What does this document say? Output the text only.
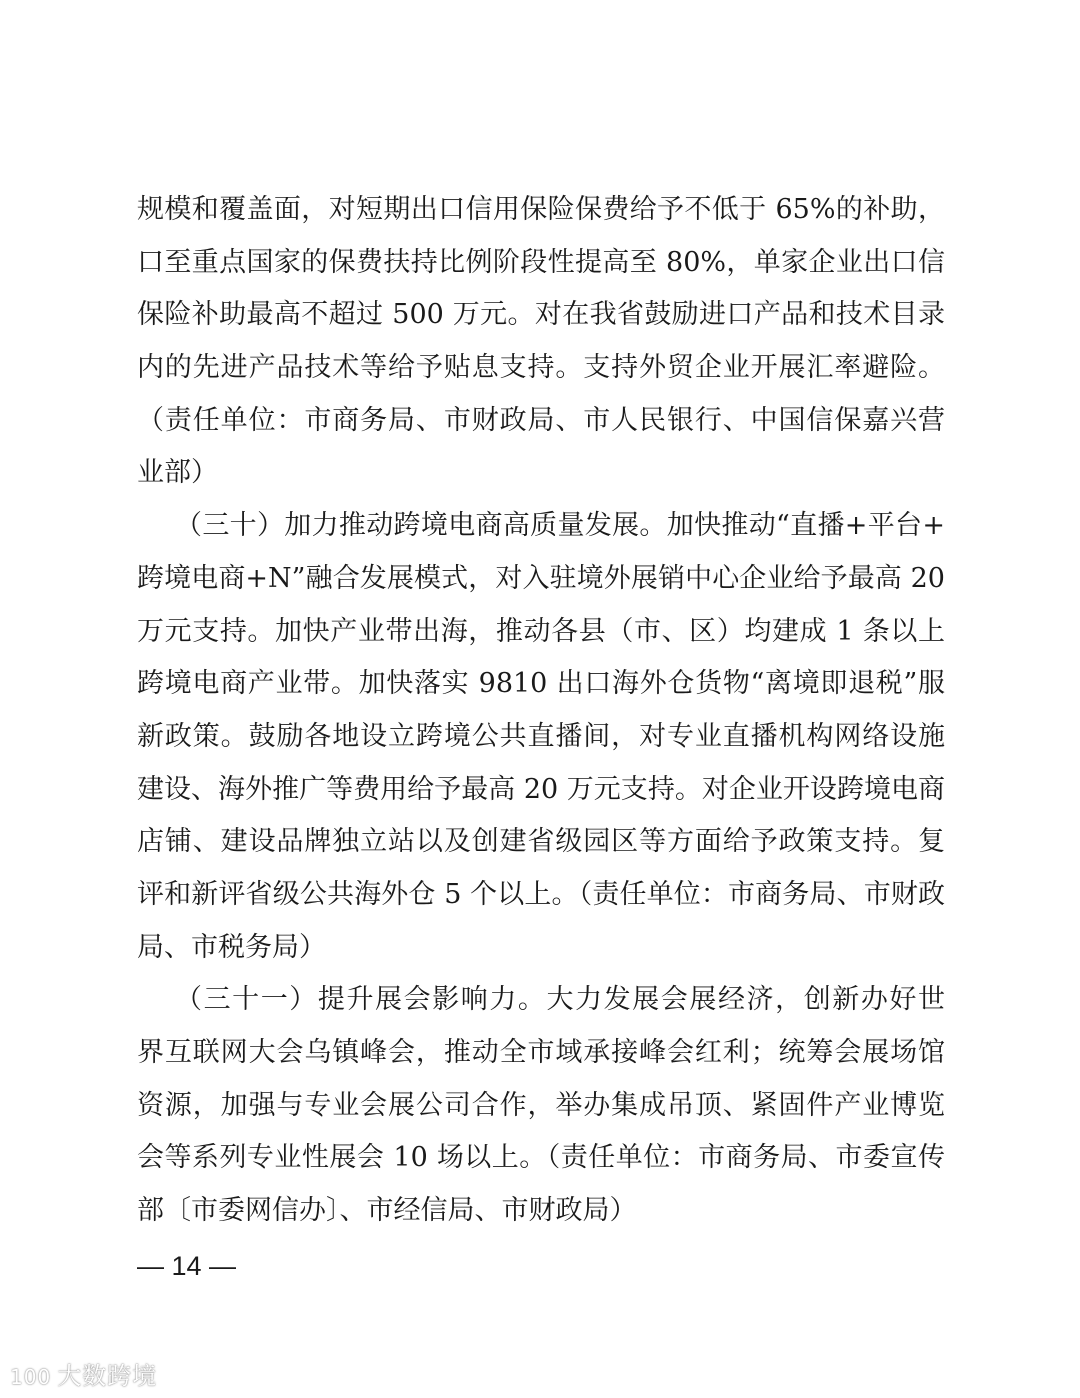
规模和覆盖面，对短期出口信用保险保费给予不低于 65%的补助，
口至重点国家的保费扶持比例阶段性提高至 80%，单家企业出口信
保险补助最高不超过 500 万元。对在我省鼓励进口产品和技术目录
内的先进产品技术等给予贴息支持。支持外贸企业开展汇率避险。
（责任单位：市商务局、市财政局、市人民银行、中国信保嘉兴营
业部）
（三十）加力推动跨境电商高质量发展。加快推动“直播+平台+
跨境电商+N”融合发展模式，对入驻境外展销中心企业给予最高 20
万元支持。加快产业带出海，推动各县（市、区）均建成 1 条以上
跨境电商产业带。加快落实 9810 出口海外仓货物“离境即退税”服
新政策。鼓励各地设立跨境公共直播间，对专业直播机构网络设施
建设、海外推广等费用给予最高 20 万元支持。对企业开设跨境电商
店铺、建设品牌独立站以及创建省级园区等方面给予政策支持。复
评和新评省级公共海外仓 5 个以上。（责任单位：市商务局、市财政
局、市税务局）
（三十一）提升展会影响力。大力发展会展经济，创新办好世
界互联网大会乌镇峰会，推动全市域承接峰会红利；统筹会展场馆
资源，加强与专业会展公司合作，举办集成吊顶、紧固件产业博览
会等系列专业性展会 10 场以上。（责任单位：市商务局、市委宣传
部〔市委网信办〕、市经信局、市财政局）
— 14 —
100 大数跨境
